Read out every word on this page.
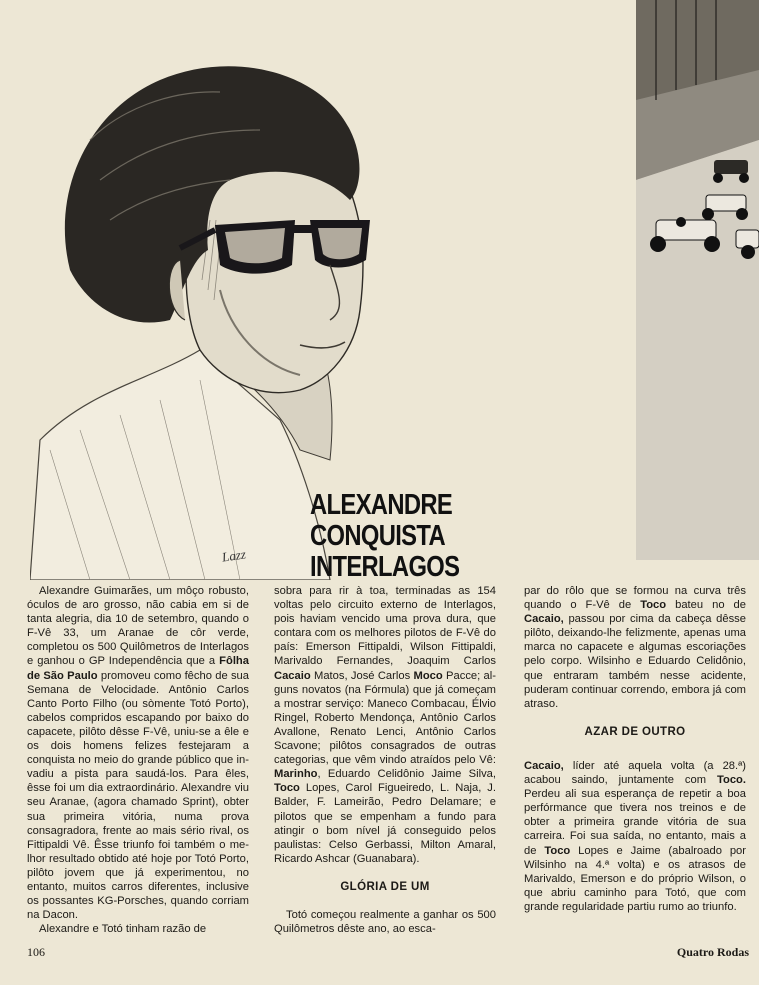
Lazz
ALEXANDRE CONQUISTA
INTERLAGOS

Alexandre Guimarães, um môço robusto, óculos de aro grosso, não cabia em si de tanta alegria, dia 10 de setembro, quando o F-Vê 33, um Aranae de côr verde, completou os 500 Quilômetros de Interlagos e ganhou o GP Independência que a Fôlha de São Paulo promoveu como fêcho de sua Semana de Velocidade. Antônio Carlos Canto Porto Filho (ou sòmente Totó Porto), cabelos compridos escapando por baixo do capacete, pilôto dêsse F-Vê, uniu-se a êle e os dois homens felizes festejaram a conquista no meio do grande público que invadiu a pista para saudá-los. Para êles, êsse foi um dia extraordinário. Alexandre viu seu Aranae, (agora chamado Sprint), obter sua primeira vitória, numa prova consagradora, frente ao mais sério rival, os Fittipaldi Vê. Êsse triunfo foi também o melhor resultado obtido até hoje por Totó Porto, pilôto jovem que já experimentou, no entanto, muitos carros diferentes, inclusive os possantes KG-Porsches, quando corriam na Dacon.

Alexandre e Totó tinham razão de

sobra para rir à toa, terminadas as 154 voltas pelo circuito externo de Interlagos, pois haviam vencido uma prova dura, que contara com os melhores pilotos de F-Vê do país: Emerson Fittipaldi, Wilson Fittipaldi, Marivaldo Fernandes, Joaquim Carlos Cacaio Matos, José Carlos Moco Pacce; alguns novatos (na Fórmula) que já começam a mostrar serviço: Maneco Combacau, Élvio Ringel, Roberto Mendonça, Antônio Carlos Avallone, Renato Lenci, Antônio Carlos Scavone; pilôtos consagrados de outras categorias, que vêm vindo atraídos pelo Vê: Marinho, Eduardo Celidônio Jaime Silva, Toco Lopes, Carol Figueiredo, L. Naja, J. Balder, F. Lameirão, Pedro Delamare; e pilotos que se empenham a fundo para atingir o bom nível já conseguido pelos paulistas: Celso Gerbassi, Milton Amaral, Ricardo Ashcar (Guanabara).

GLÓRIA DE UM

Totó começou realmente a ganhar os 500 Quilômetros dêste ano, ao esca-

par do rôlo que se formou na curva três quando o F-Vê de Toco bateu no de Cacaio, passou por cima da cabeça dêsse pilôto, deixando-lhe felizmente, apenas uma marca no capacete e algumas escoriações pelo corpo. Wilsinho e Eduardo Celidônio, que entraram também nesse acidente, puderam continuar correndo, embora já com atraso.

AZAR DE OUTRO

Cacaio, líder até aquela volta (a 28.ª) acabou saindo, juntamente com Toco. Perdeu ali sua esperança de repetir a boa perfórmance que tivera nos treinos e de obter a primeira grande vitória de sua carreira. Foi sua saída, no entanto, mais a de Toco Lopes e Jaime (abalroado por Wilsinho na 4.ª volta) e os atrasos de Marivaldo, Emerson e do próprio Wilson, o que abriu caminho para Totó, que com grande regularidade partiu rumo ao triunfo.

106	Quatro Rodas
